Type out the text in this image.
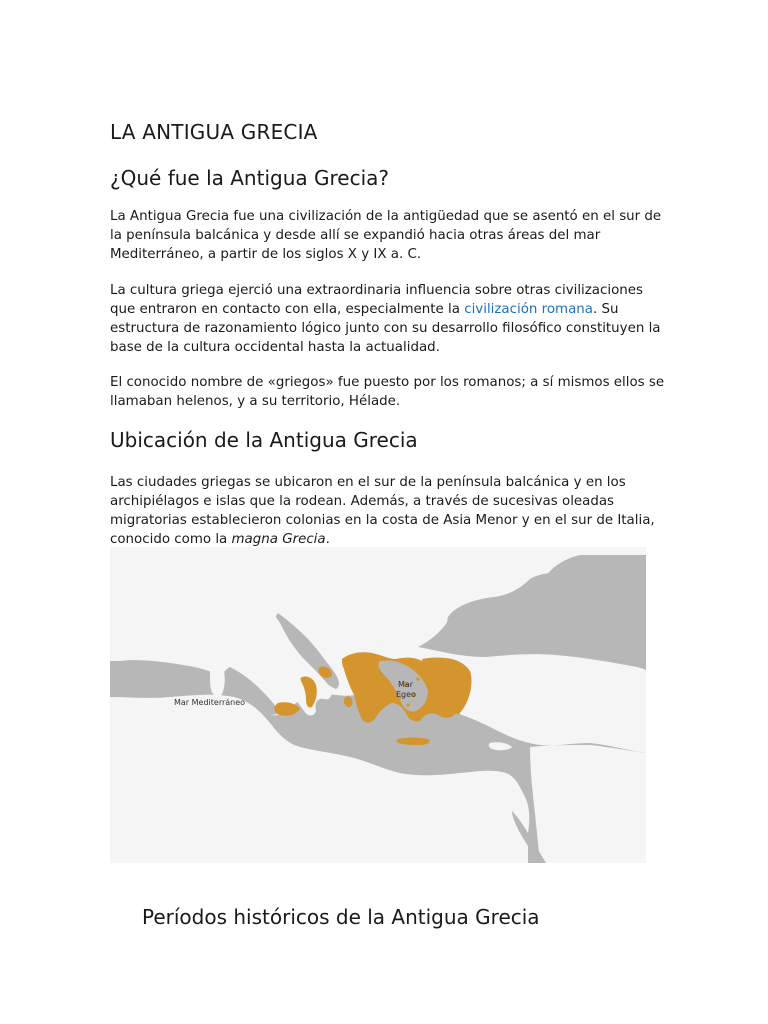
LA ANTIGUA GRECIA
¿Qué fue la Antigua Grecia?

La Antigua Grecia fue una civilización de la antigüedad que se asentó en el sur de la península balcánica y desde allí se expandió hacia otras áreas del mar Mediterráneo, a partir de los siglos X y IX a. C.

La cultura griega ejerció una extraordinaria influencia sobre otras civilizaciones que entraron en contacto con ella, especialmente la civilización romana. Su estructura de razonamiento lógico junto con su desarrollo filosófico constituyen la base de la cultura occidental hasta la actualidad.

El conocido nombre de «griegos» fue puesto por los romanos; a sí mismos ellos se llamaban helenos, y a su territorio, Hélade.

Ubicación de la Antigua Grecia

Las ciudades griegas se ubicaron en el sur de la península balcánica y en los archipiélagos e islas que la rodean. Además, a través de sucesivas oleadas migratorias establecieron colonias en la costa de Asia Menor y en el sur de Italia, conocido como la magna Grecia.

Mar Mediterráneo
Mar
Egeo
Períodos históricos de la Antigua Grecia
